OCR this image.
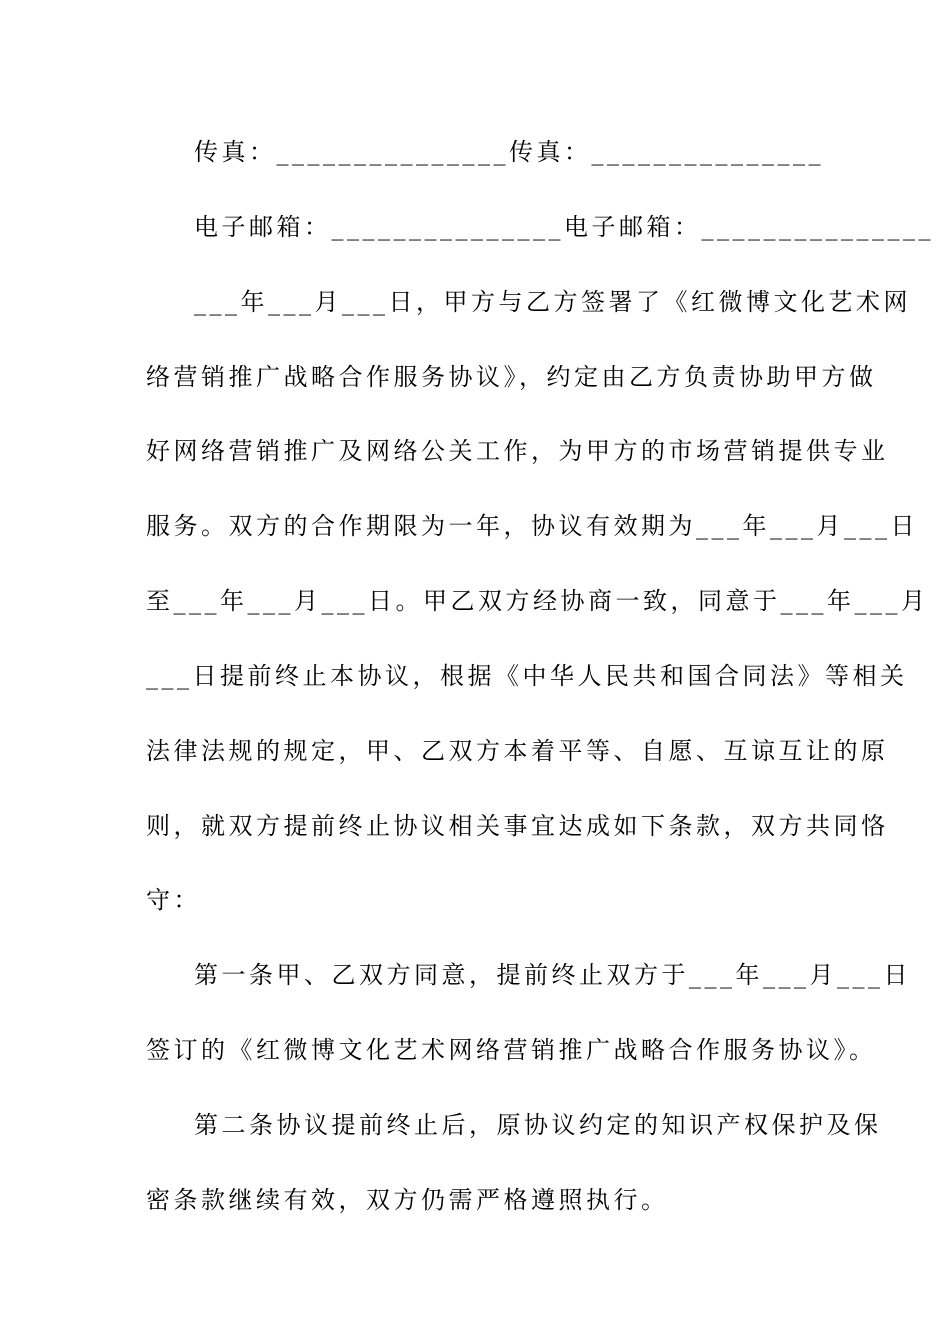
传真：_______________传真：_______________
电子邮箱：_______________电子邮箱：_______________
___年___月___日，甲方与乙方签署了《红微博文化艺术网
络营销推广战略合作服务协议》，约定由乙方负责协助甲方做
好网络营销推广及网络公关工作，为甲方的市场营销提供专业
服务。双方的合作期限为一年，协议有效期为___年___月___日
至___年___月___日。甲乙双方经协商一致，同意于___年___月
___日提前终止本协议，根据《中华人民共和国合同法》等相关
法律法规的规定，甲、乙双方本着平等、自愿、互谅互让的原
则，就双方提前终止协议相关事宜达成如下条款，双方共同恪
守：
第一条甲、乙双方同意，提前终止双方于___年___月___日
签订的《红微博文化艺术网络营销推广战略合作服务协议》。
第二条协议提前终止后，原协议约定的知识产权保护及保
密条款继续有效，双方仍需严格遵照执行。
